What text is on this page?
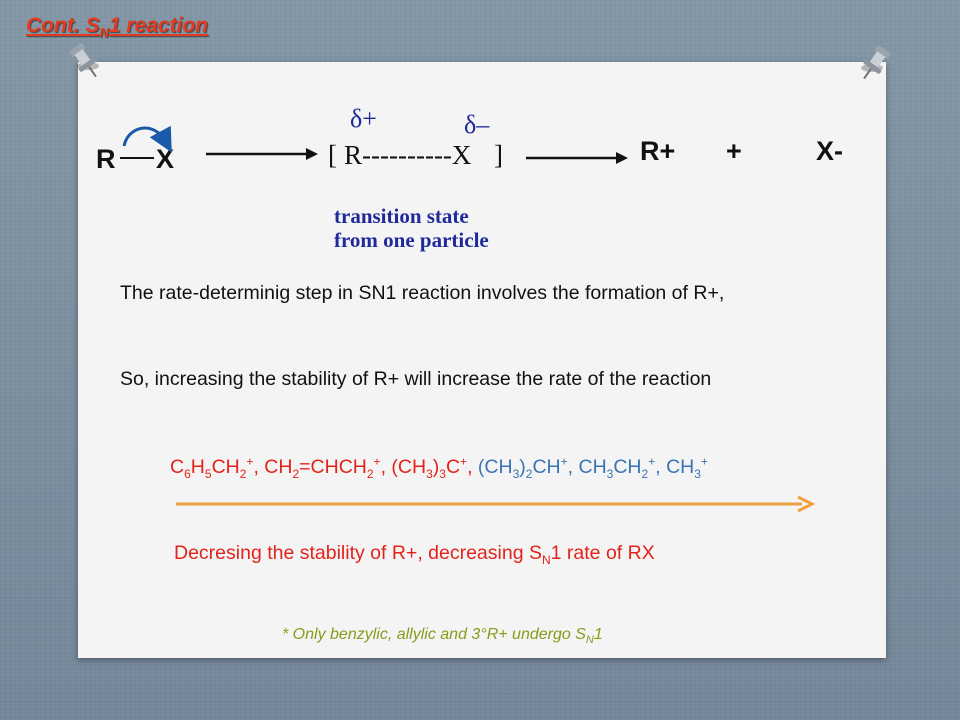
Cont. $S_N1$ reaction
R X
δ+	δ–
[ R----------X ]	R+ +	X-
transition state
from one particle
The rate-determinig step in SN1 reaction involves the formation of R+,
So, increasing the stability of R+ will increase the rate of the reaction
$C_6H_5CH_2^+$, $CH_2=CHCH_2^+$, $(CH_3)_3C^+$, $(CH_3)_2CH^+$, $CH_3CH_2^+$, $CH_3^+$
Decresing the stability of R+, decreasing $S_N1$ rate of RX
* Only benzylic, allylic and 3°R+ undergo $S_N1$
